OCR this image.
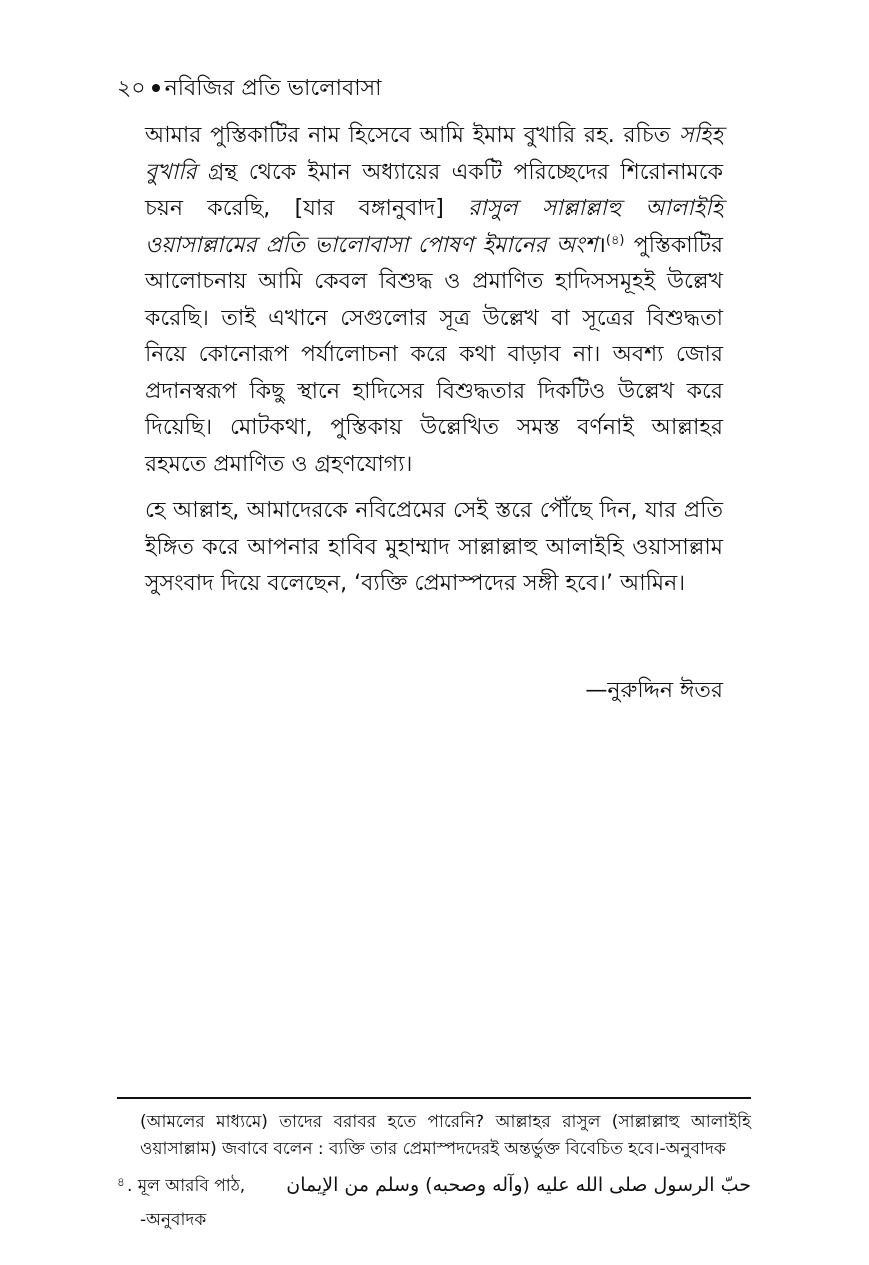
২০ নবিজির প্রতি ভালোবাসা

আমার পুস্তিকাটির নাম হিসেবে আমি ইমাম বুখারি রহ. রচিত সহিহ বুখারি গ্রন্থ থেকে ইমান অধ্যায়ের একটি পরিচ্ছেদের শিরোনামকে চয়ন করেছি, [যার বঙ্গানুবাদ] রাসুল সাল্লাল্লাহু আলাইহি ওয়াসাল্লামের প্রতি ভালোবাসা পোষণ ইমানের অংশ।$^{(৪)}$ পুস্তিকাটির আলোচনায় আমি কেবল বিশুদ্ধ ও প্রমাণিত হাদিসসমূহই উল্লেখ করেছি। তাই এখানে সেগুলোর সূত্র উল্লেখ বা সূত্রের বিশুদ্ধতা নিয়ে কোনোরূপ পর্যালোচনা করে কথা বাড়াব না। অবশ্য জোর প্রদানস্বরূপ কিছু স্থানে হাদিসের বিশুদ্ধতার দিকটিও উল্লেখ করে দিয়েছি। মোটকথা, পুস্তিকায় উল্লেখিত সমস্ত বর্ণনাই আল্লাহর রহমতে প্রমাণিত ও গ্রহণযোগ্য।

হে আল্লাহ, আমাদেরকে নবিপ্রেমের সেই স্তরে পৌঁছে দিন, যার প্রতি ইঙ্গিত করে আপনার হাবিব মুহাম্মাদ সাল্লাল্লাহু আলাইহি ওয়াসাল্লাম সুসংবাদ দিয়ে বলেছেন, ‘ব্যক্তি প্রেমাস্পদের সঙ্গী হবে।’ আমিন।

—নুরুদ্দিন ঈতর
(আমলের মাধ্যমে) তাদের বরাবর হতে পারেনি? আল্লাহর রাসুল (সাল্লাল্লাহু আলাইহি ওয়াসাল্লাম) জবাবে বলেন : ব্যক্তি তার প্রেমাস্পদদেরই অন্তর্ভুক্ত বিবেচিত হবে।-অনুবাদক
৪ . মূল আরবি পাঠ, حبّ الرسول صلى الله عليه (وآله وصحبه) وسلم من الإيمان
-অনুবাদক
